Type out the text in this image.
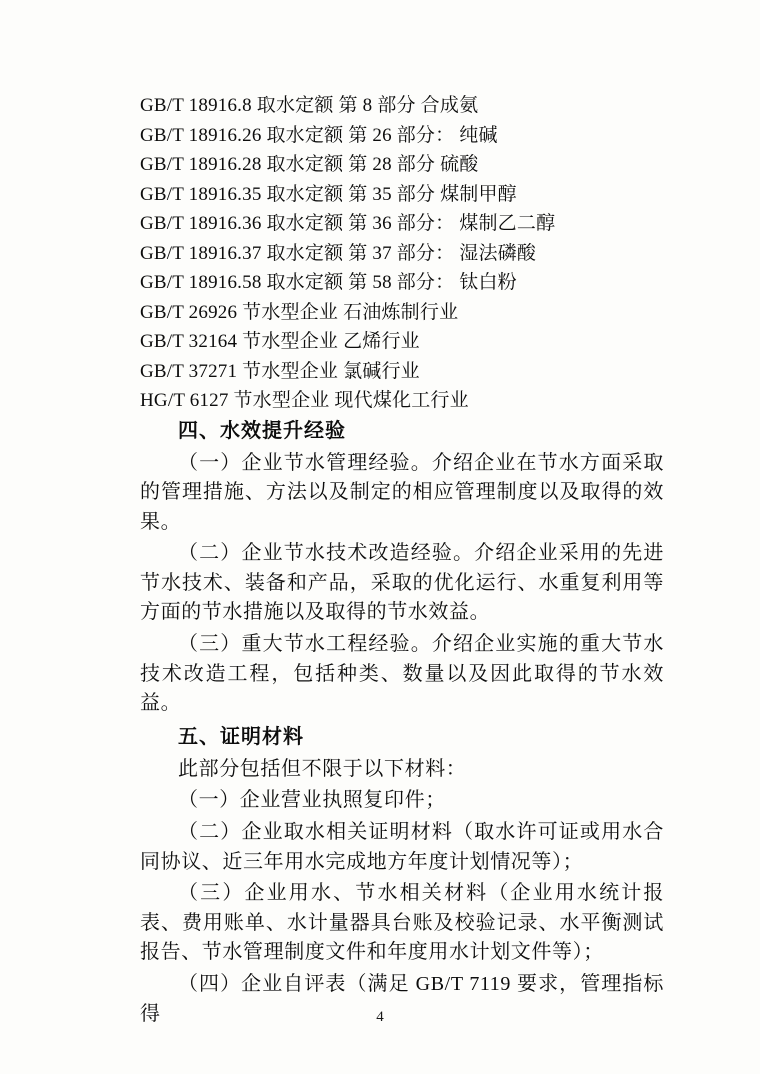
GB/T 18916.8 取水定额 第 8 部分 合成氨
GB/T 18916.26 取水定额 第 26 部分： 纯碱
GB/T 18916.28 取水定额 第 28 部分 硫酸
GB/T 18916.35 取水定额 第 35 部分 煤制甲醇
GB/T 18916.36 取水定额 第 36 部分： 煤制乙二醇
GB/T 18916.37 取水定额 第 37 部分： 湿法磷酸
GB/T 18916.58 取水定额 第 58 部分： 钛白粉
GB/T 26926 节水型企业 石油炼制行业
GB/T 32164 节水型企业 乙烯行业
GB/T 37271 节水型企业 氯碱行业
HG/T 6127 节水型企业 现代煤化工行业
四、水效提升经验
（一）企业节水管理经验。介绍企业在节水方面采取的管理措施、方法以及制定的相应管理制度以及取得的效果。
（二）企业节水技术改造经验。介绍企业采用的先进节水技术、装备和产品，采取的优化运行、水重复利用等方面的节水措施以及取得的节水效益。
（三）重大节水工程经验。介绍企业实施的重大节水技术改造工程，包括种类、数量以及因此取得的节水效益。
五、证明材料
此部分包括但不限于以下材料：
（一）企业营业执照复印件；
（二）企业取水相关证明材料（取水许可证或用水合同协议、近三年用水完成地方年度计划情况等）；
（三）企业用水、节水相关材料（企业用水统计报表、费用账单、水计量器具台账及校验记录、水平衡测试报告、节水管理制度文件和年度用水计划文件等）；
（四）企业自评表（满足 GB/T 7119 要求，管理指标得	4
